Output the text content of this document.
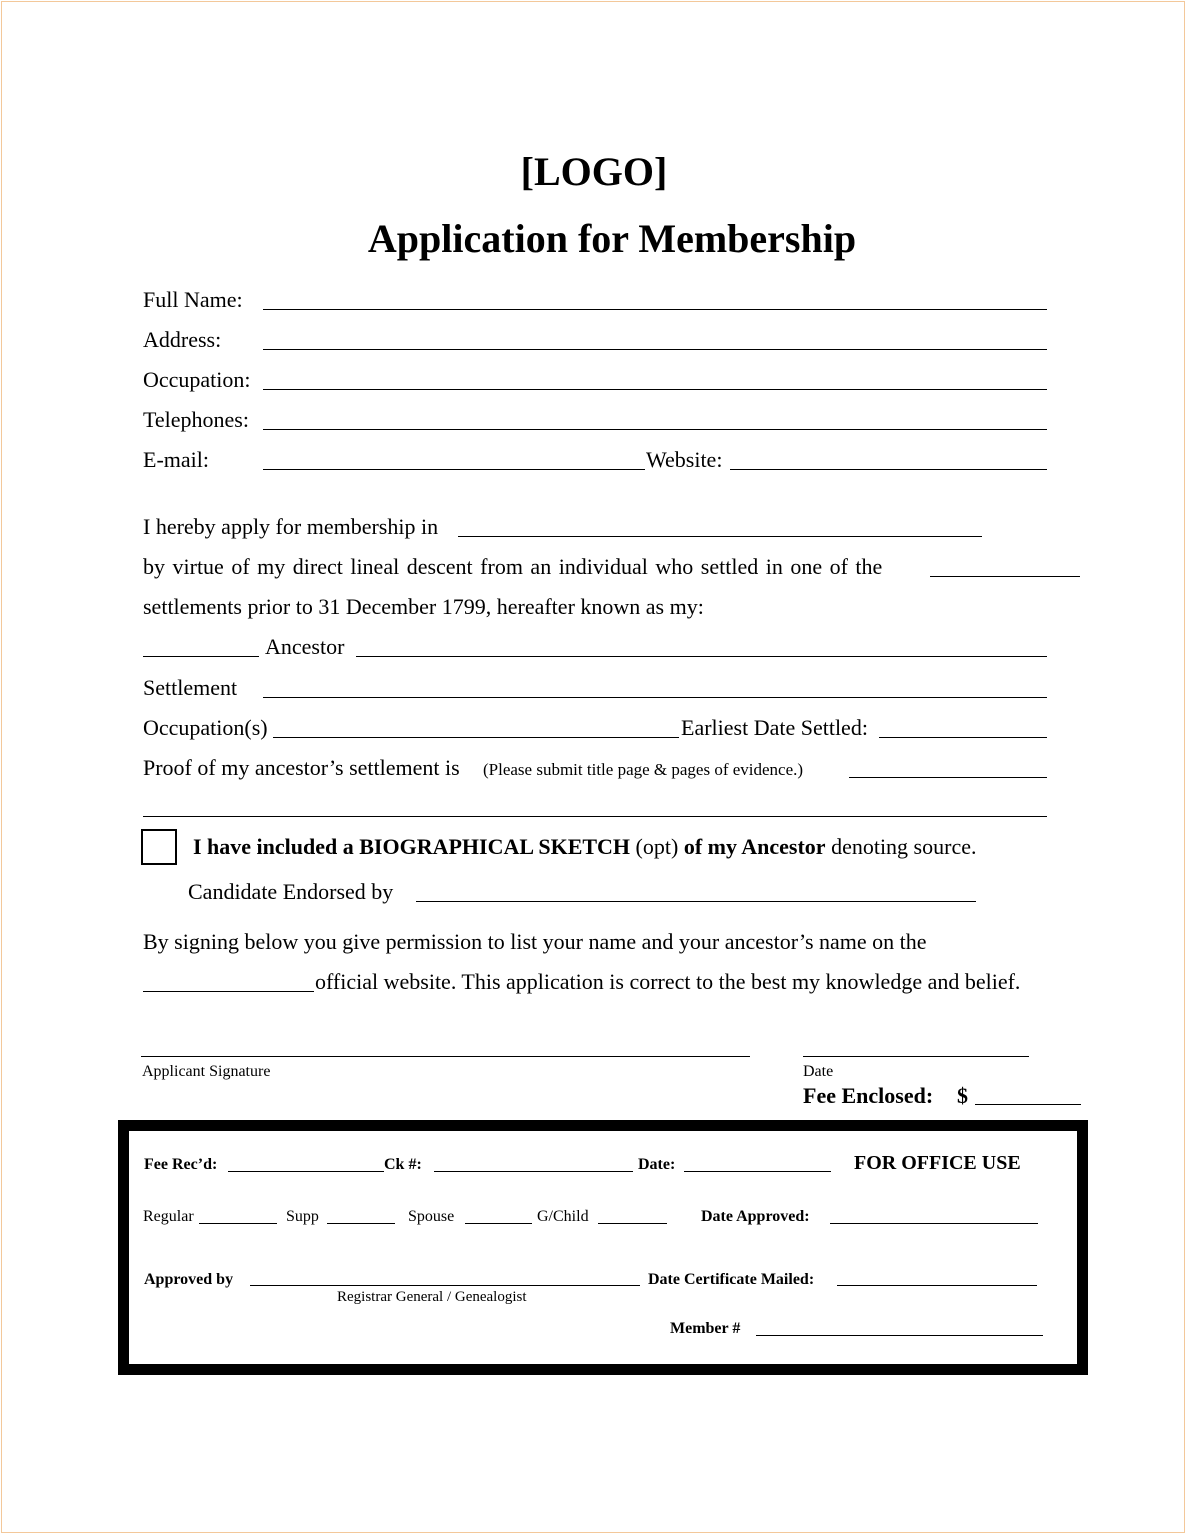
[LOGO]
Application for Membership
Full Name:
Address:
Occupation:
Telephones:
E-mail:	Website:
I hereby apply for membership in
by virtue of my direct lineal descent from an individual who settled in one of the
settlements prior to 31 December 1799, hereafter known as my:
Ancestor
Settlement
Occupation(s)	Earliest Date Settled:
Proof of my ancestor’s settlement is (Please submit title page & pages of evidence.)
I have included a BIOGRAPHICAL SKETCH (opt) of my Ancestor denoting source.
Candidate Endorsed by
By signing below you give permission to list your name and your ancestor’s name on the
official website. This application is correct to the best my knowledge and belief.
Applicant Signature	Date
Fee Enclosed: $
Fee Rec’d:	Ck #:	Date:	FOR OFFICE USE
Regular	Supp	Spouse	G/Child	Date Approved:
Approved by
Registrar General / Genealogist
Date Certificate Mailed:
Member #
